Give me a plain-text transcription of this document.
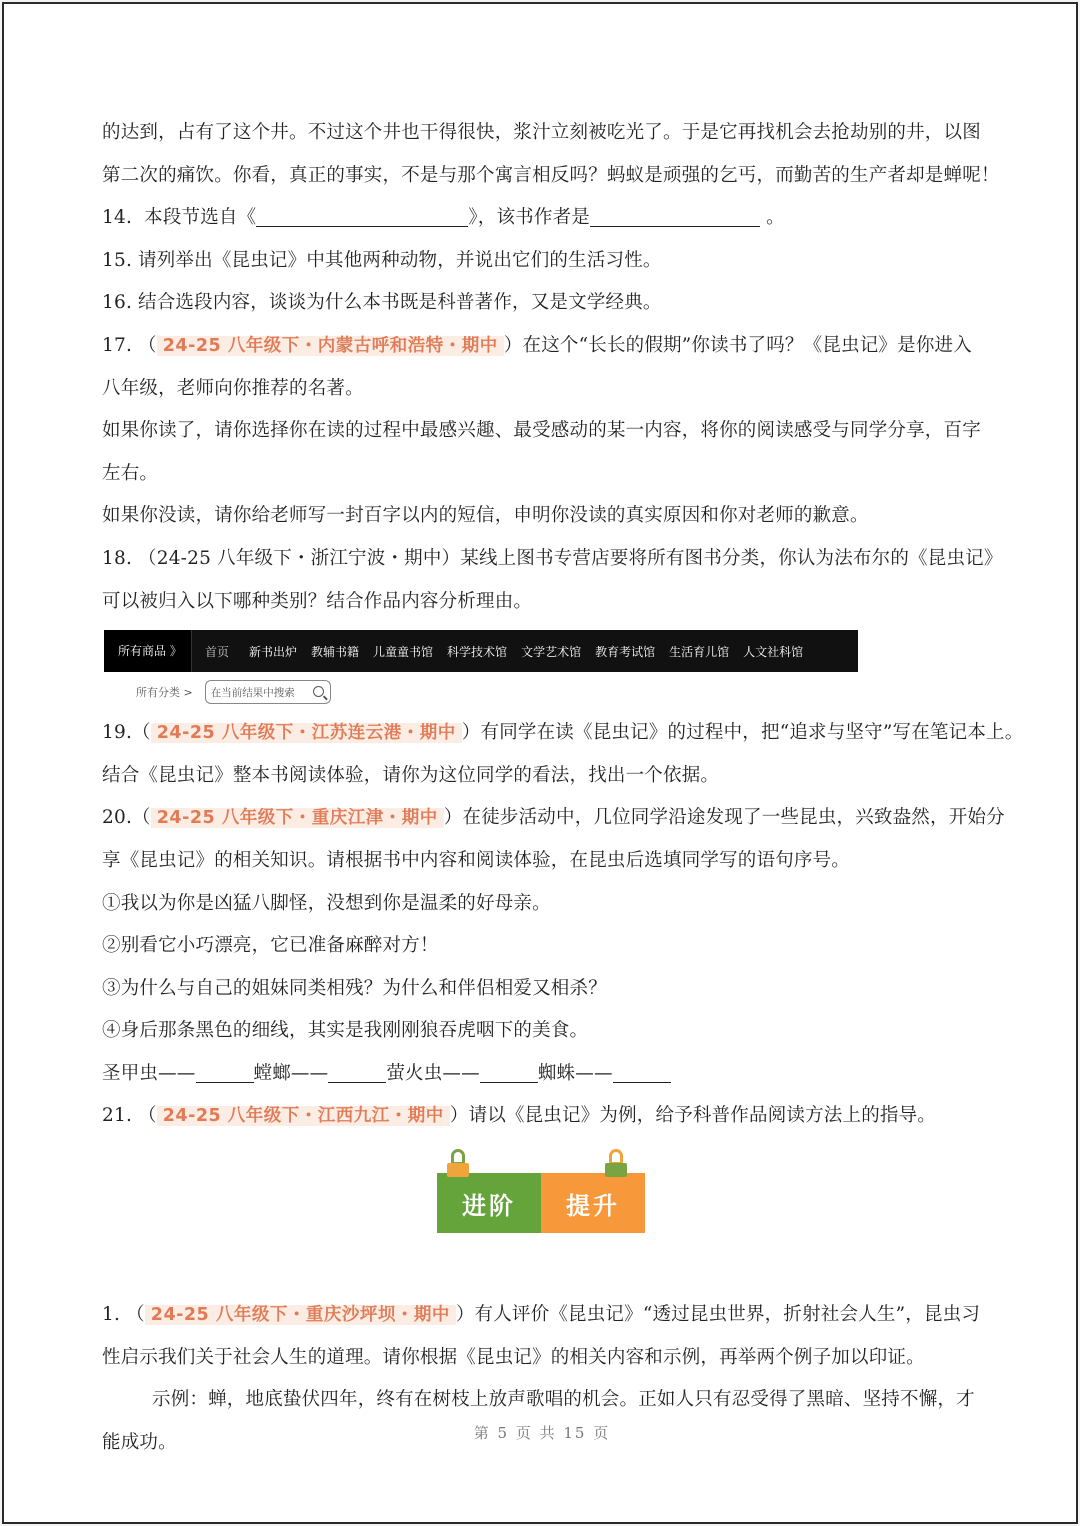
的达到，占有了这个井。不过这个井也干得很快，浆汁立刻被吃光了。于是它再找机会去抢劫别的井，以图
第二次的痛饮。你看，真正的事实，不是与那个寓言相反吗？蚂蚁是顽强的乞丐，而勤苦的生产者却是蝉呢！
14. 本段节选自《	》，该书作者是	。
15. 请列举出《昆虫记》中其他两种动物，并说出它们的生活习性。
16. 结合选段内容，谈谈为什么本书既是科普著作，又是文学经典。
17. （ 24-25 八年级下・内蒙古呼和浩特・期中 ）在这个“长长的假期”你读书了吗？《昆虫记》是你进入
八年级，老师向你推荐的名著。
如果你读了，请你选择你在读的过程中最感兴趣、最受感动的某一内容，将你的阅读感受与同学分享，百字
左右。
如果你没读，请你给老师写一封百字以内的短信，申明你没读的真实原因和你对老师的歉意。
18. （24-25 八年级下・浙江宁波・期中）某线上图书专营店要将所有图书分类，你认为法布尔的《昆虫记》
可以被归入以下哪种类别？结合作品内容分析理由。
所有商品 》	首页	新书出炉	教辅书籍	儿童童书馆	科学技术馆	文学艺术馆	教育考试馆	生活育儿馆	人文社科馆
所有分类 > 在当前结果中搜索
19.（ 24-25 八年级下・江苏连云港・期中 ）有同学在读《昆虫记》的过程中，把“追求与坚守”写在笔记本上。
结合《昆虫记》整本书阅读体验，请你为这位同学的看法，找出一个依据。
20.（ 24-25 八年级下・重庆江津・期中 ）在徒步活动中，几位同学沿途发现了一些昆虫，兴致盎然，开始分
享《昆虫记》的相关知识。请根据书中内容和阅读体验，在昆虫后选填同学写的语句序号。
①我以为你是凶猛八脚怪，没想到你是温柔的好母亲。
②别看它小巧漂亮，它已准备麻醉对方！
③为什么与自己的姐妹同类相残？为什么和伴侣相爱又相杀？
④身后那条黑色的细线，其实是我刚刚狼吞虎咽下的美食。
圣甲虫——	螳螂——	萤火虫——	蜘蛛——
21. （ 24-25 八年级下・江西九江・期中 ）请以《昆虫记》为例，给予科普作品阅读方法上的指导。
进阶	提升
1. （ 24-25 八年级下・重庆沙坪坝・期中 ）有人评价《昆虫记》“透过昆虫世界，折射社会人生”，昆虫习
性启示我们关于社会人生的道理。请你根据《昆虫记》的相关内容和示例，再举两个例子加以印证。
示例：蝉，地底蛰伏四年，终有在树枝上放声歌唱的机会。正如人只有忍受得了黑暗、坚持不懈，才
能成功。	第 5 页 共 15 页
